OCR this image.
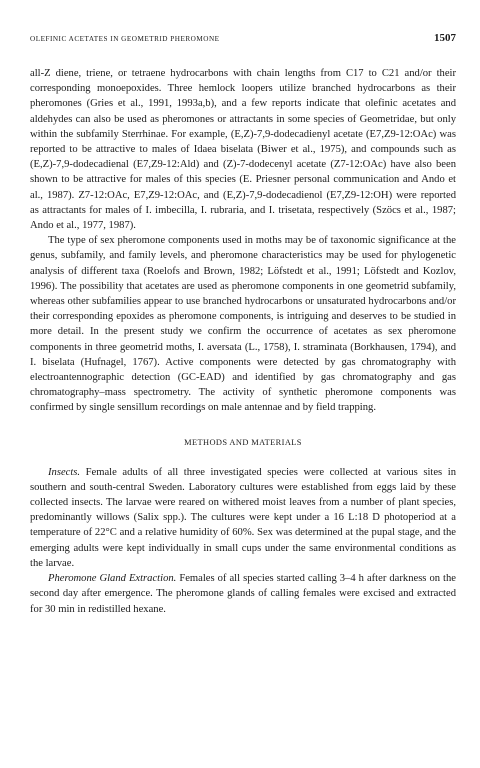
OLEFINIC ACETATES IN GEOMETRID PHEROMONE	1507

all-Z diene, triene, or tetraene hydrocarbons with chain lengths from C17 to C21 and/or their corresponding monoepoxides. Three hemlock loopers utilize branched hydrocarbons as their pheromones (Gries et al., 1991, 1993a,b), and a few reports indicate that olefinic acetates and aldehydes can also be used as pheromones or attractants in some species of Geometridae, but only within the subfamily Sterrhinae. For example, (E,Z)-7,9-dodecadienyl acetate (E7,Z9-12:OAc) was reported to be attractive to males of Idaea biselata (Biwer et al., 1975), and compounds such as (E,Z)-7,9-dodecadienal (E7,Z9-12:Ald) and (Z)-7-dodecenyl acetate (Z7-12:OAc) have also been shown to be attractive for males of this species (E. Priesner personal communication and Ando et al., 1987). Z7-12:OAc, E7,Z9-12:OAc, and (E,Z)-7,9-dodecadienol (E7,Z9-12:OH) were reported as attractants for males of I. imbecilla, I. rubraria, and I. trisetata, respectively (Szöcs et al., 1987; Ando et al., 1977, 1987).

The type of sex pheromone components used in moths may be of taxonomic significance at the genus, subfamily, and family levels, and pheromone characteristics may be used for phylogenetic analysis of different taxa (Roelofs and Brown, 1982; Löfstedt et al., 1991; Löfstedt and Kozlov, 1996). The possibility that acetates are used as pheromone components in one geometrid subfamily, whereas other subfamilies appear to use branched hydrocarbons or unsaturated hydrocarbons and/or their corresponding epoxides as pheromone components, is intriguing and deserves to be studied in more detail. In the present study we confirm the occurrence of acetates as sex pheromone components in three geometrid moths, I. aversata (L., 1758), I. straminata (Borkhausen, 1794), and I. biselata (Hufnagel, 1767). Active components were detected by gas chromatography with electroantennographic detection (GC-EAD) and identified by gas chromatography and gas chromatography–mass spectrometry. The activity of synthetic pheromone components was confirmed by single sensillum recordings on male antennae and by field trapping.

METHODS AND MATERIALS

Insects. Female adults of all three investigated species were collected at various sites in southern and south-central Sweden. Laboratory cultures were established from eggs laid by these collected insects. The larvae were reared on withered moist leaves from a number of plant species, predominantly willows (Salix spp.). The cultures were kept under a 16 L:18 D photoperiod at a temperature of 22°C and a relative humidity of 60%. Sex was determined at the pupal stage, and the emerging adults were kept individually in small cups under the same environmental conditions as the larvae.

Pheromone Gland Extraction. Females of all species started calling 3–4 h after darkness on the second day after emergence. The pheromone glands of calling females were excised and extracted for 30 min in redistilled hexane.
